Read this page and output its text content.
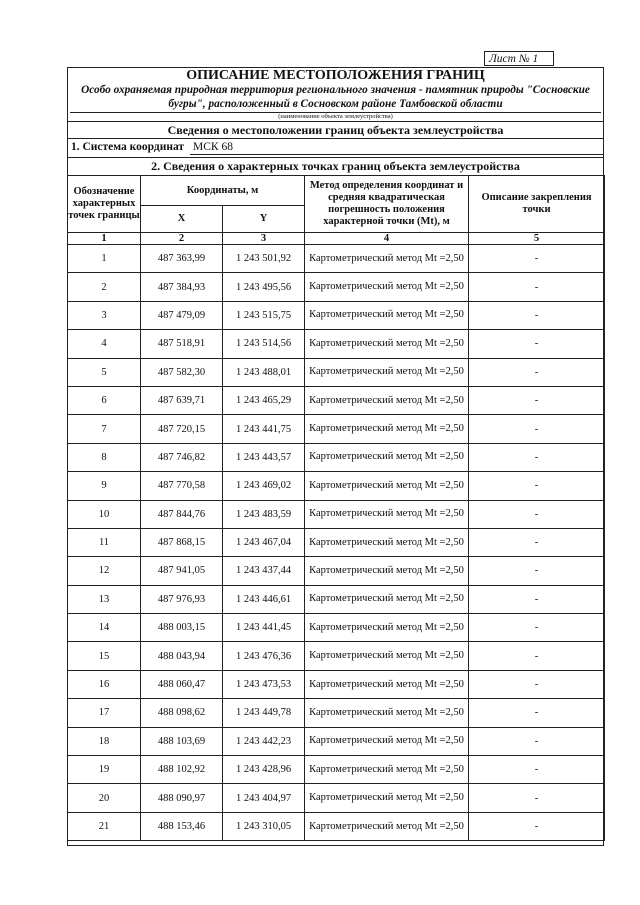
Лист № 1
ОПИСАНИЕ МЕСТОПОЛОЖЕНИЯ ГРАНИЦ
Особо охраняемая природная территория регионального значения - памятник природы "Сосновские бугры", расположенный в Сосновском районе Тамбовской области
(наименование объекта землеустройства)
Сведения о местоположении границ объекта землеустройства
1. Система координат МСК 68
2. Сведения о характерных точках границ объекта землеустройства
Обозначение характерных точек границы	Координаты, м		Метод определения координат и средняя квадратическая погрешность положения характерной точки (Mt), м	Описание закрепления точки
	X	Y		
1	2	3	4	5
1	487 363,99	1 243 501,92	Картометрический метод Mt =2,50	-
2	487 384,93	1 243 495,56	Картометрический метод Mt =2,50	-
3	487 479,09	1 243 515,75	Картометрический метод Mt =2,50	-
4	487 518,91	1 243 514,56	Картометрический метод Mt =2,50	-
5	487 582,30	1 243 488,01	Картометрический метод Mt =2,50	-
6	487 639,71	1 243 465,29	Картометрический метод Mt =2,50	-
7	487 720,15	1 243 441,75	Картометрический метод Mt =2,50	-
8	487 746,82	1 243 443,57	Картометрический метод Mt =2,50	-
9	487 770,58	1 243 469,02	Картометрический метод Mt =2,50	-
10	487 844,76	1 243 483,59	Картометрический метод Mt =2,50	-
11	487 868,15	1 243 467,04	Картометрический метод Mt =2,50	-
12	487 941,05	1 243 437,44	Картометрический метод Mt =2,50	-
13	487 976,93	1 243 446,61	Картометрический метод Mt =2,50	-
14	488 003,15	1 243 441,45	Картометрический метод Mt =2,50	-
15	488 043,94	1 243 476,36	Картометрический метод Mt =2,50	-
16	488 060,47	1 243 473,53	Картометрический метод Mt =2,50	-
17	488 098,62	1 243 449,78	Картометрический метод Mt =2,50	-
18	488 103,69	1 243 442,23	Картометрический метод Mt =2,50	-
19	488 102,92	1 243 428,96	Картометрический метод Mt =2,50	-
20	488 090,97	1 243 404,97	Картометрический метод Mt =2,50	-
21	488 153,46	1 243 310,05	Картометрический метод Mt =2,50	-
